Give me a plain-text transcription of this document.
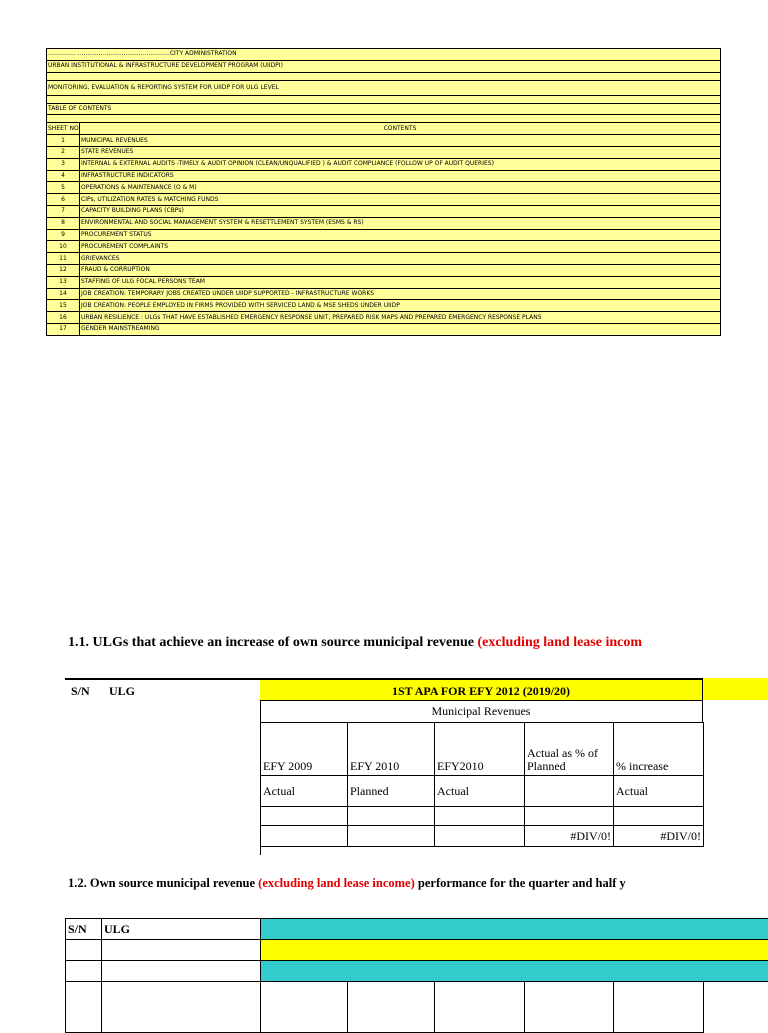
………….. ..........................................……CITY ADMINISTRATION	
URBAN INSTITUTIONAL & INFRASTRUCTURE DEVELOPMENT PROGRAM (UIIDPI)	

MONITORING, EVALUATION & REPORTING SYSTEM FOR UIIDP FOR ULG LEVEL	

TABLE OF CONTENTS	

SHEET NO	CONTENTS
1	MUNICIPAL REVENUES
2	STATE REVENUES
3	INTERNAL & EXTERNAL AUDITS -TIMELY & AUDIT OPINION (CLEAN/UNQUALIFIED ) & AUDIT COMPLIANCE (FOLLOW UP OF AUDIT QUERIES)
4	INFRASTRUCTURE INDICATORS
5	OPERATIONS & MAINTENANCE (O & M)
6	CIPs, UTILIZATION RATES & MATCHING FUNDS
7	CAPACITY BUILDING PLANS (CBPs)
8	ENVIRONMENTAL AND SOCIAL MANAGEMENT SYSTEM & RESETTLEMENT SYSTEM (ESMS & RS)
9	PROCUREMENT STATUS
10	PROCUREMENT COMPLAINTS
11	GRIEVANCES
12	FRAUD & CORRUPTION
13	STAFFING OF ULG FOCAL PERSONS TEAM
14	JOB CREATION: TEMPORARY JOBS CREATED UNDER UIIDP SUPPORTED - INFRASTRUCTURE WORKS
15	JOB CREATION: PEOPLE EMPLOYED IN FIRMS PROVIDED WITH SERVICED LAND & MSE SHEDS UNDER UIIDP
16	URBAN RESILIENCE : ULGs THAT HAVE ESTABLISHED EMERGENCY RESPONSE UNIT, PREPARED RISK MAPS AND PREPARED EMERGENCY RESPONSE PLANS
17	GENDER MAINSTREAMING
1.1. ULGs that achieve an increase of own source municipal revenue (excluding land lease incom
S/N ULG	1ST APA FOR EFY 2012 (2019/20)
Municipal Revenues
EFY 2009	EFY 2010	EFY2010	Actual as % of Planned	% increase
Actual	Planned	Actual		Actual

			#DIV/0!	#DIV/0!
1.2. Own source municipal revenue (excluding land lease income) performance for the quarter and half y
S/N	ULG						
